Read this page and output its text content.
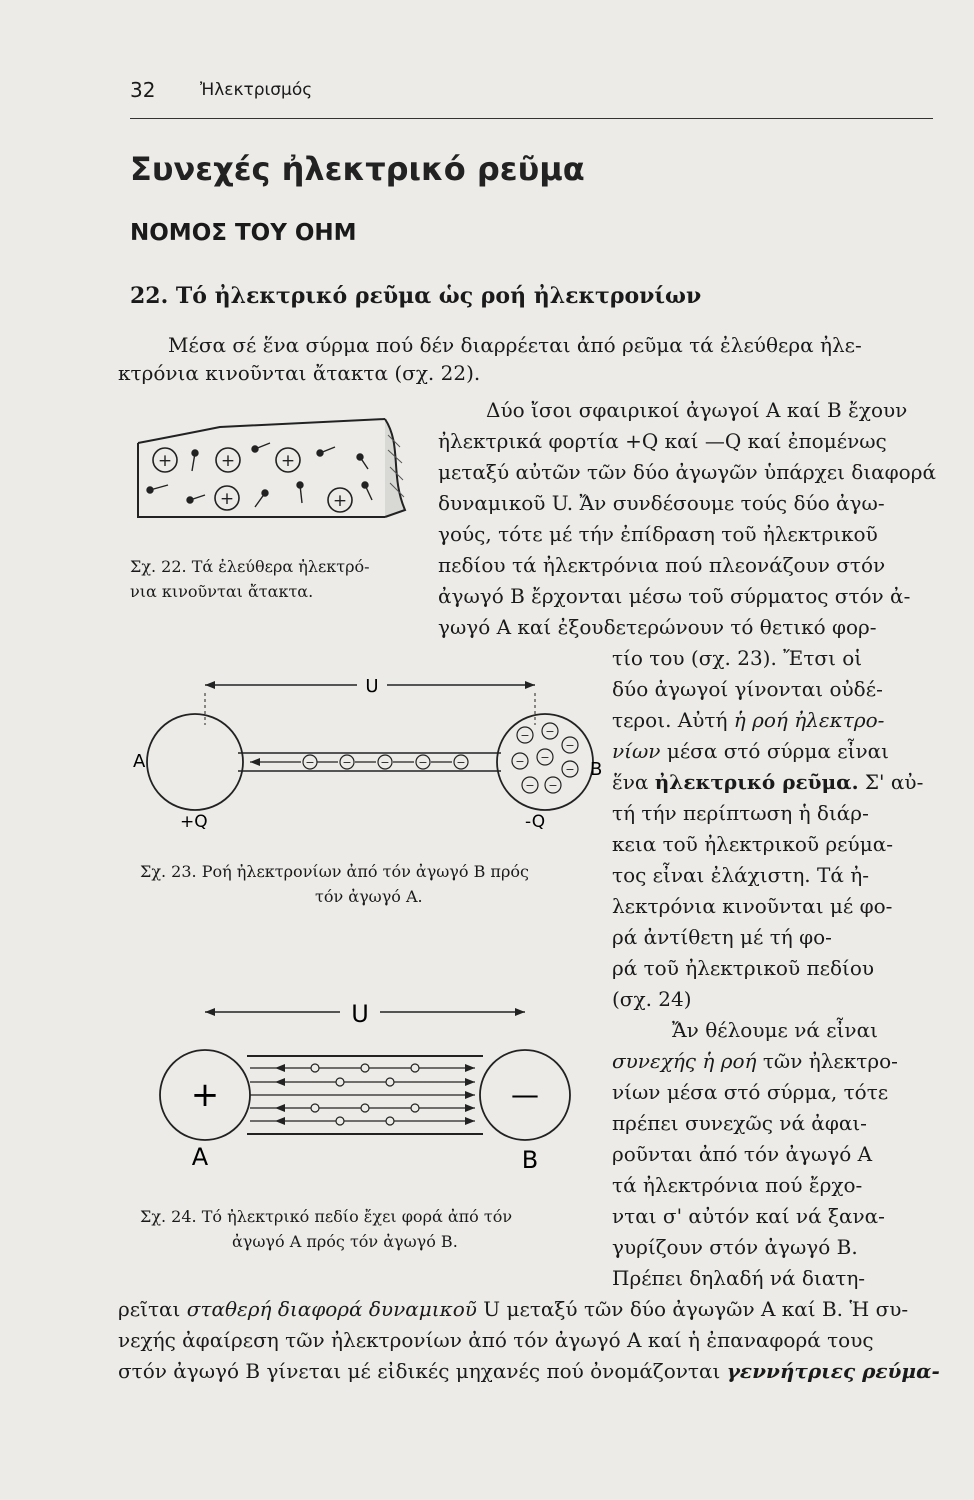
32	Ἠλεκτρισμός
Συνεχές ἠλεκτρικό ρεῦμα
ΝΟΜΟΣ ΤΟΥ ΟΗΜ
22. Τό ἠλεκτρικό ρεῦμα ὡς ροή ἠλεκτρονίων
Μέσα σέ ἕνα σύρμα πού δέν διαρρέεται ἀπό ρεῦμα τά ἐλεύθερα ἠλε-
κτρόνια κινοῦνται ἄτακτα (σχ. 22).
Δύο ἴσοι σφαιρικοί ἀγωγοί Α καί Β ἔχουν
ἠλεκτρικά φορτία +Q καί —Q καί ἐπομένως
μεταξύ αὐτῶν τῶν δύο ἀγωγῶν ὑπάρχει διαφορά
δυναμικοῦ U. Ἄν συνδέσουμε τούς δύο ἀγω-
γούς, τότε μέ τήν ἐπίδραση τοῦ ἠλεκτρικοῦ
πεδίου τά ἠλεκτρόνια πού πλεονάζουν στόν
ἀγωγό Β ἔρχονται μέσω τοῦ σύρματος στόν ἀ-
γωγό Α καί ἐξουδετερώνουν τό θετικό φορ-
τίο του (σχ. 23). Ἔτσι οἱ
δύο ἀγωγοί γίνονται οὐδέ-
τεροι. Αὐτή ἡ ροή ἠλεκτρο-
νίων μέσα στό σύρμα εἶναι
ἕνα ἠλεκτρικό ρεῦμα. Σ' αὐ-
τή τήν περίπτωση ἡ διάρ-
κεια τοῦ ἠλεκτρικοῦ ρεύμα-
τος εἶναι ἐλάχιστη. Τά ἠ-
λεκτρόνια κινοῦνται μέ φο-
ρά ἀντίθετη μέ τή φο-
ρά τοῦ ἠλεκτρικοῦ πεδίου
(σχ. 24)
Ἄν θέλουμε νά εἶναι
συνεχής ἡ ροή τῶν ἠλεκτρο-
νίων μέσα στό σύρμα, τότε
πρέπει συνεχῶς νά ἀφαι-
ροῦνται ἀπό τόν ἀγωγό Α
τά ἠλεκτρόνια πού ἔρχο-
νται σ' αὐτόν καί νά ξανα-
γυρίζουν στόν ἀγωγό Β.
Πρέπει δηλαδή νά διατη-
ρεῖται σταθερή διαφορά δυναμικοῦ U μεταξύ τῶν δύο ἀγωγῶν Α καί Β. Ἡ συ-
νεχής ἀφαίρεση τῶν ἠλεκτρονίων ἀπό τόν ἀγωγό Α καί ἡ ἐπαναφορά τους
στόν ἀγωγό Β γίνεται μέ εἰδικές μηχανές πού ὀνομάζονται γεννήτριες ρεύμα-
+	+	+
+	+
Σχ. 22. Τά ἐλεύθερα ἠλεκτρό-
νια κινοῦνται ἄτακτα.
U
−	−	−	−	−
− −
−
− −
−
− −
A	B
+Q	-Q
Σχ. 23. Ροή ἠλεκτρονίων ἀπό τόν ἀγωγό Β πρός
τόν ἀγωγό Α.
U
+	—
A	B
Σχ. 24. Τό ἠλεκτρικό πεδίο ἔχει φορά ἀπό τόν
ἀγωγό Α πρός τόν ἀγωγό Β.
